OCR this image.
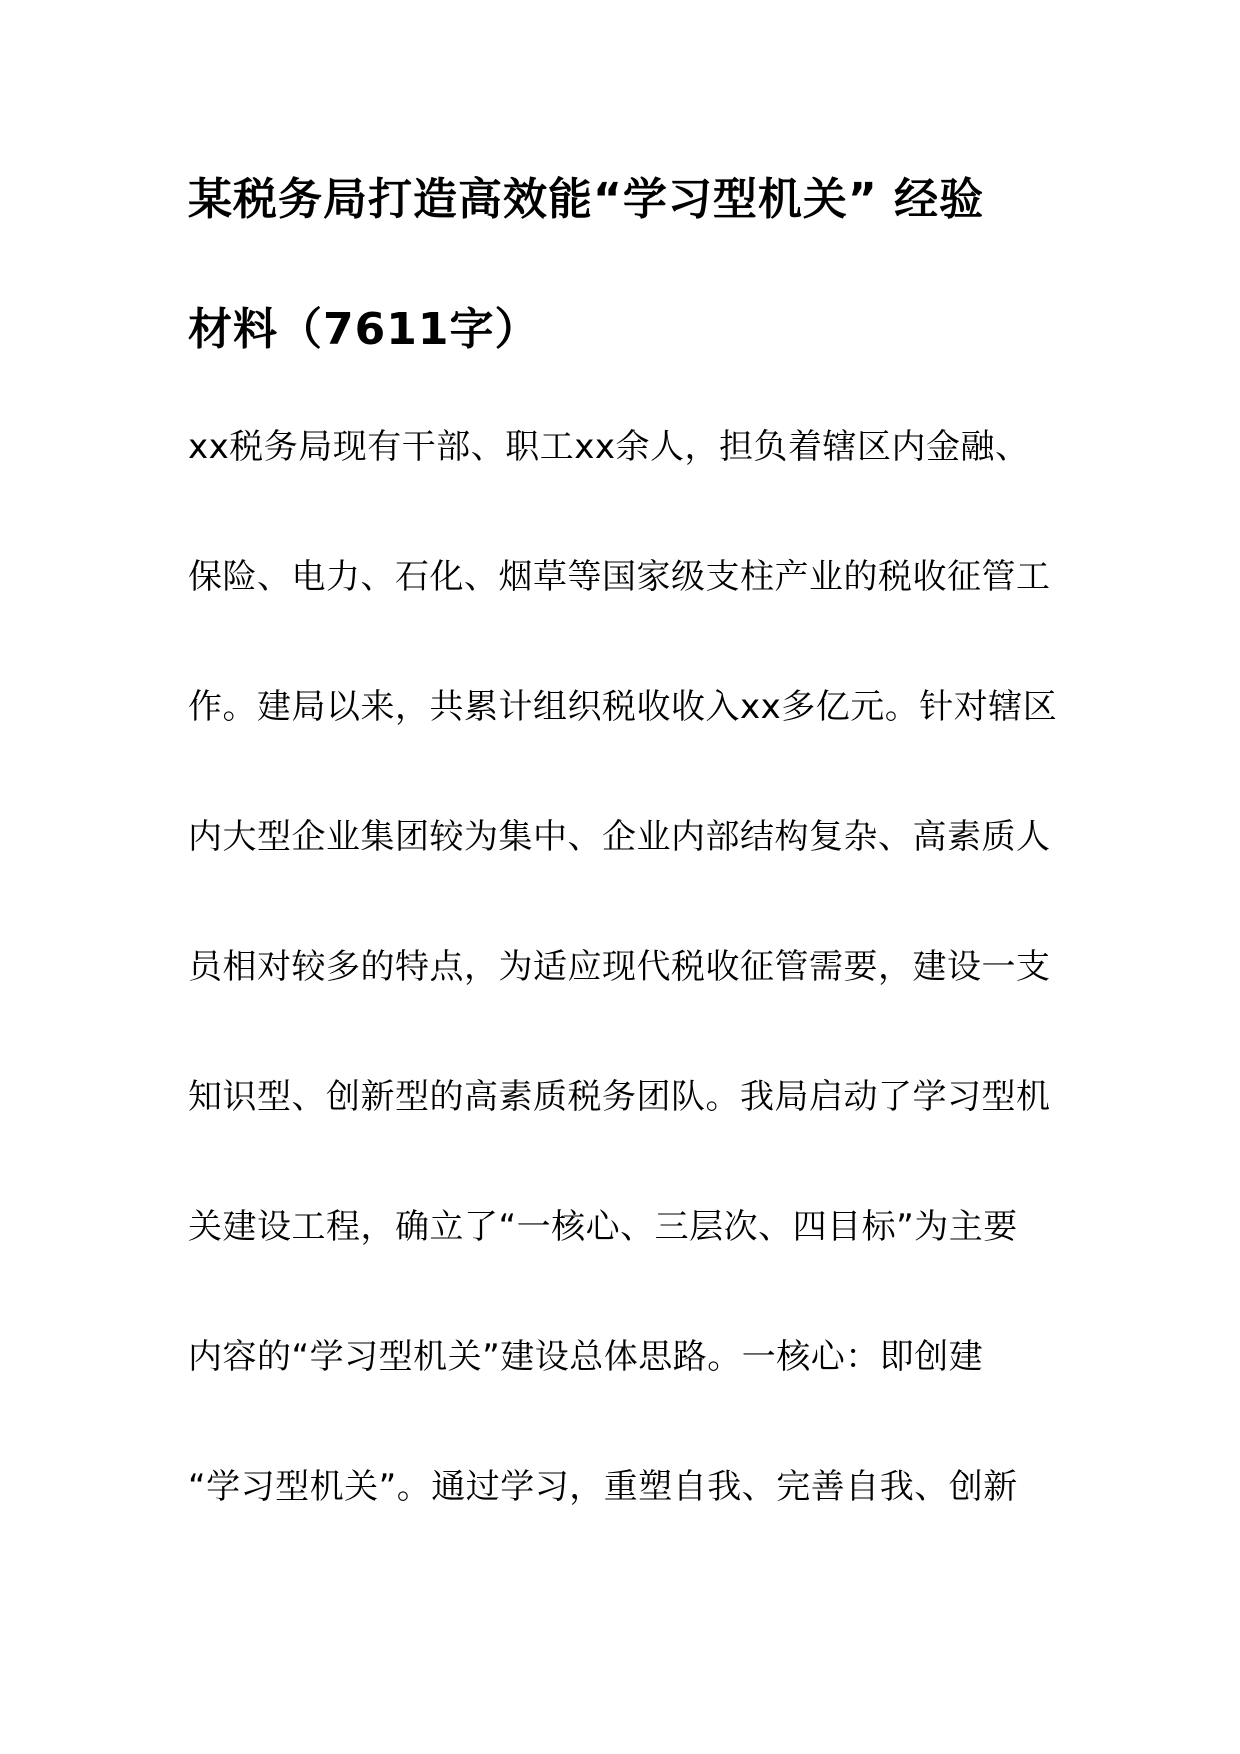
某税务局打造高效能“学习型机关” 经验
材料（7611字）
xx税务局现有干部、职工xx余人，担负着辖区内金融、
保险、电力、石化、烟草等国家级支柱产业的税收征管工
作。建局以来，共累计组织税收收入xx多亿元。针对辖区
内大型企业集团较为集中、企业内部结构复杂、高素质人
员相对较多的特点，为适应现代税收征管需要，建设一支
知识型、创新型的高素质税务团队。我局启动了学习型机
关建设工程，确立了“一核心、三层次、四目标”为主要
内容的“学习型机关”建设总体思路。一核心：即创建
“学习型机关”。通过学习，重塑自我、完善自我、创新
